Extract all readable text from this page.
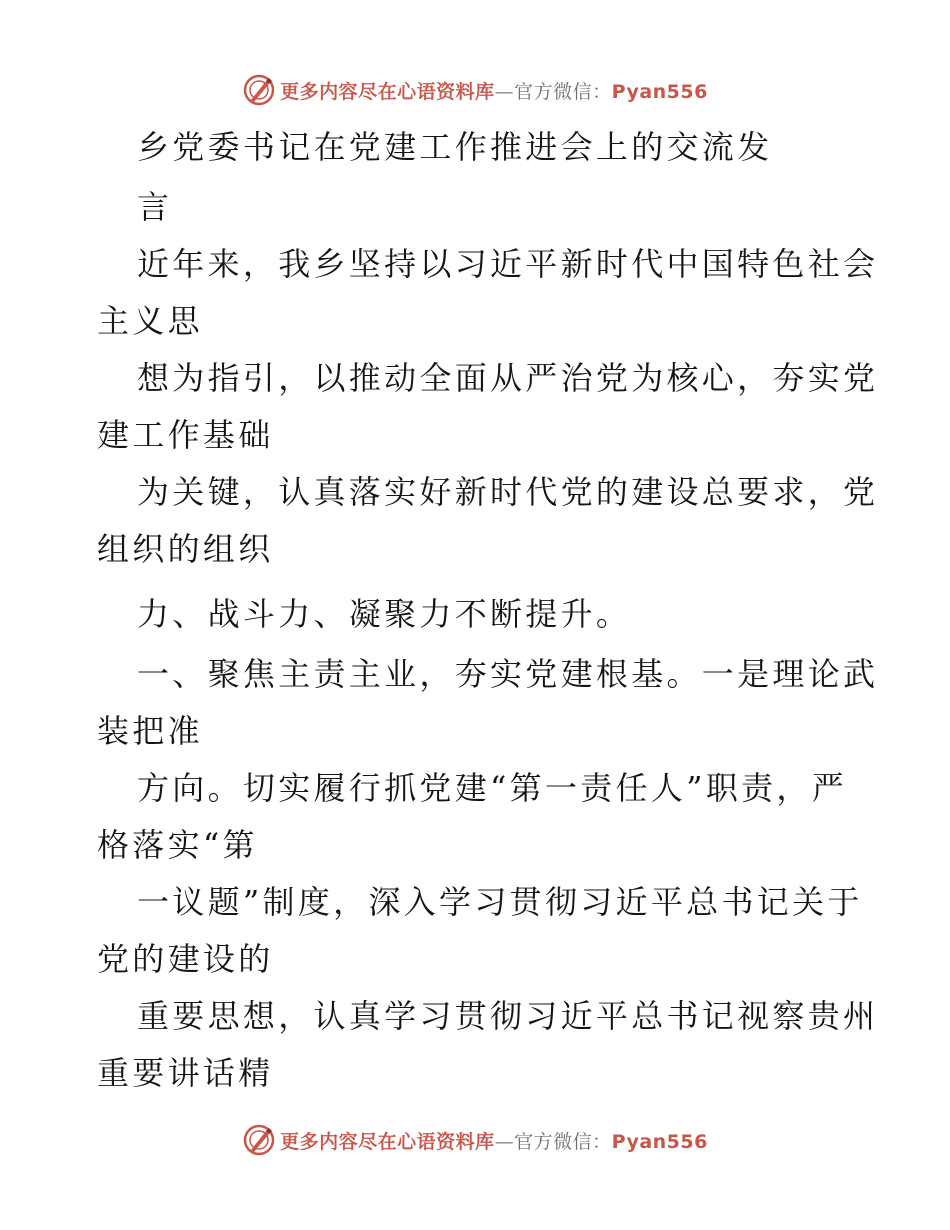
更多内容尽在心语资料库—官方微信：Pyan556
乡党委书记在党建工作推进会上的交流发
言
近年来，我乡坚持以习近平新时代中国特色社会
主义思
想为指引，以推动全面从严治党为核心，夯实党
建工作基础
为关键，认真落实好新时代党的建设总要求，党
组织的组织
力、战斗力、凝聚力不断提升。
一、聚焦主责主业，夯实党建根基。一是理论武
装把准
方向。切实履行抓党建“第一责任人”职责，严
格落实“第
一议题”制度，深入学习贯彻习近平总书记关于
党的建设的
重要思想，认真学习贯彻习近平总书记视察贵州
重要讲话精
更多内容尽在心语资料库—官方微信：Pyan556
